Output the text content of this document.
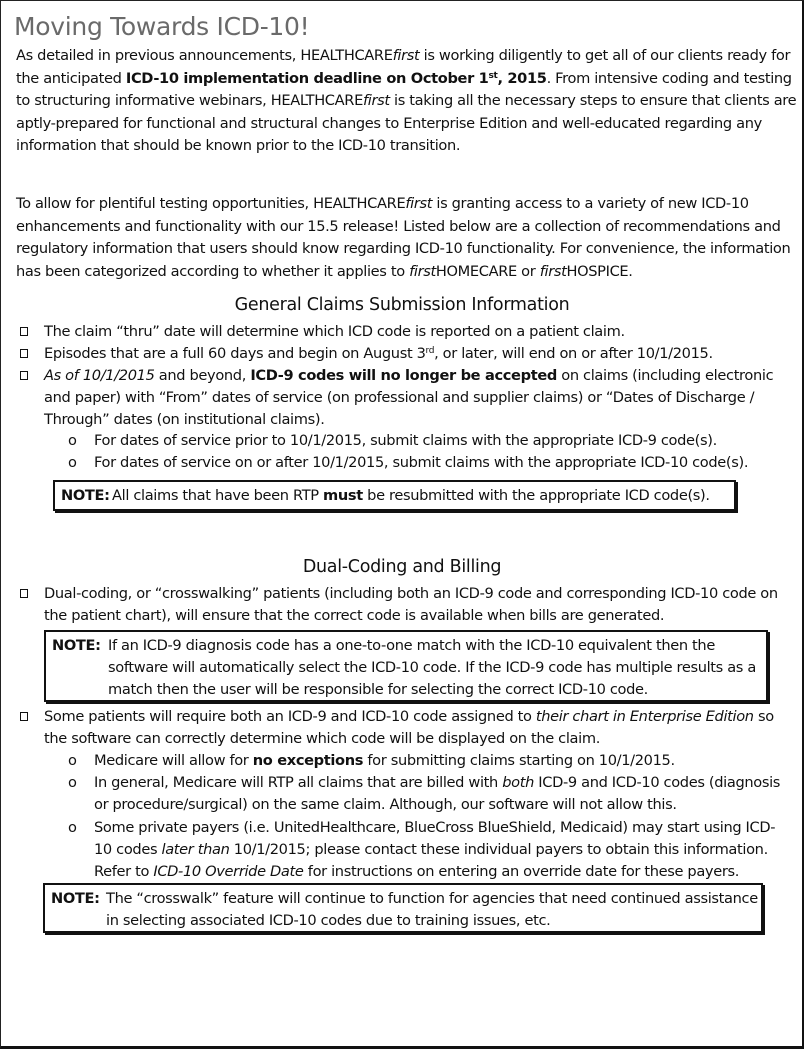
Moving Towards ICD-10!

As detailed in previous announcements, HEALTHCAREfirst is working diligently to get all of our clients ready for the anticipated ICD-10 implementation deadline on October 1st, 2015. From intensive coding and testing to structuring informative webinars, HEALTHCAREfirst is taking all the necessary steps to ensure that clients are aptly-prepared for functional and structural changes to Enterprise Edition and well-educated regarding any information that should be known prior to the ICD-10 transition.

To allow for plentiful testing opportunities, HEALTHCAREfirst is granting access to a variety of new ICD-10 enhancements and functionality with our 15.5 release! Listed below are a collection of recommendations and regulatory information that users should know regarding ICD-10 functionality. For convenience, the information has been categorized according to whether it applies to firstHOMECARE or firstHOSPICE.

General Claims Submission Information
The claim “thru” date will determine which ICD code is reported on a patient claim.
Episodes that are a full 60 days and begin on August 3rd, or later, will end on or after 10/1/2015.
As of 10/1/2015 and beyond, ICD-9 codes will no longer be accepted on claims (including electronic and paper) with “From” dates of service (on professional and supplier claims) or “Dates of Discharge / Through” dates (on institutional claims).
o For dates of service prior to 10/1/2015, submit claims with the appropriate ICD-9 code(s).
o For dates of service on or after 10/1/2015, submit claims with the appropriate ICD-10 code(s).
NOTE: All claims that have been RTP must be resubmitted with the appropriate ICD code(s).
Dual-Coding and Billing
Dual-coding, or “crosswalking” patients (including both an ICD-9 code and corresponding ICD-10 code on the patient chart), will ensure that the correct code is available when bills are generated.
NOTE: If an ICD-9 diagnosis code has a one-to-one match with the ICD-10 equivalent then the software will automatically select the ICD-10 code. If the ICD-9 code has multiple results as a match then the user will be responsible for selecting the correct ICD-10 code.
Some patients will require both an ICD-9 and ICD-10 code assigned to their chart in Enterprise Edition so the software can correctly determine which code will be displayed on the claim.
o Medicare will allow for no exceptions for submitting claims starting on 10/1/2015.
o In general, Medicare will RTP all claims that are billed with both ICD-9 and ICD-10 codes (diagnosis or procedure/surgical) on the same claim. Although, our software will not allow this.
o Some private payers (i.e. UnitedHealthcare, BlueCross BlueShield, Medicaid) may start using ICD-10 codes later than 10/1/2015; please contact these individual payers to obtain this information. Refer to ICD-10 Override Date for instructions on entering an override date for these payers.
NOTE: The “crosswalk” feature will continue to function for agencies that need continued assistance in selecting associated ICD-10 codes due to training issues, etc.
